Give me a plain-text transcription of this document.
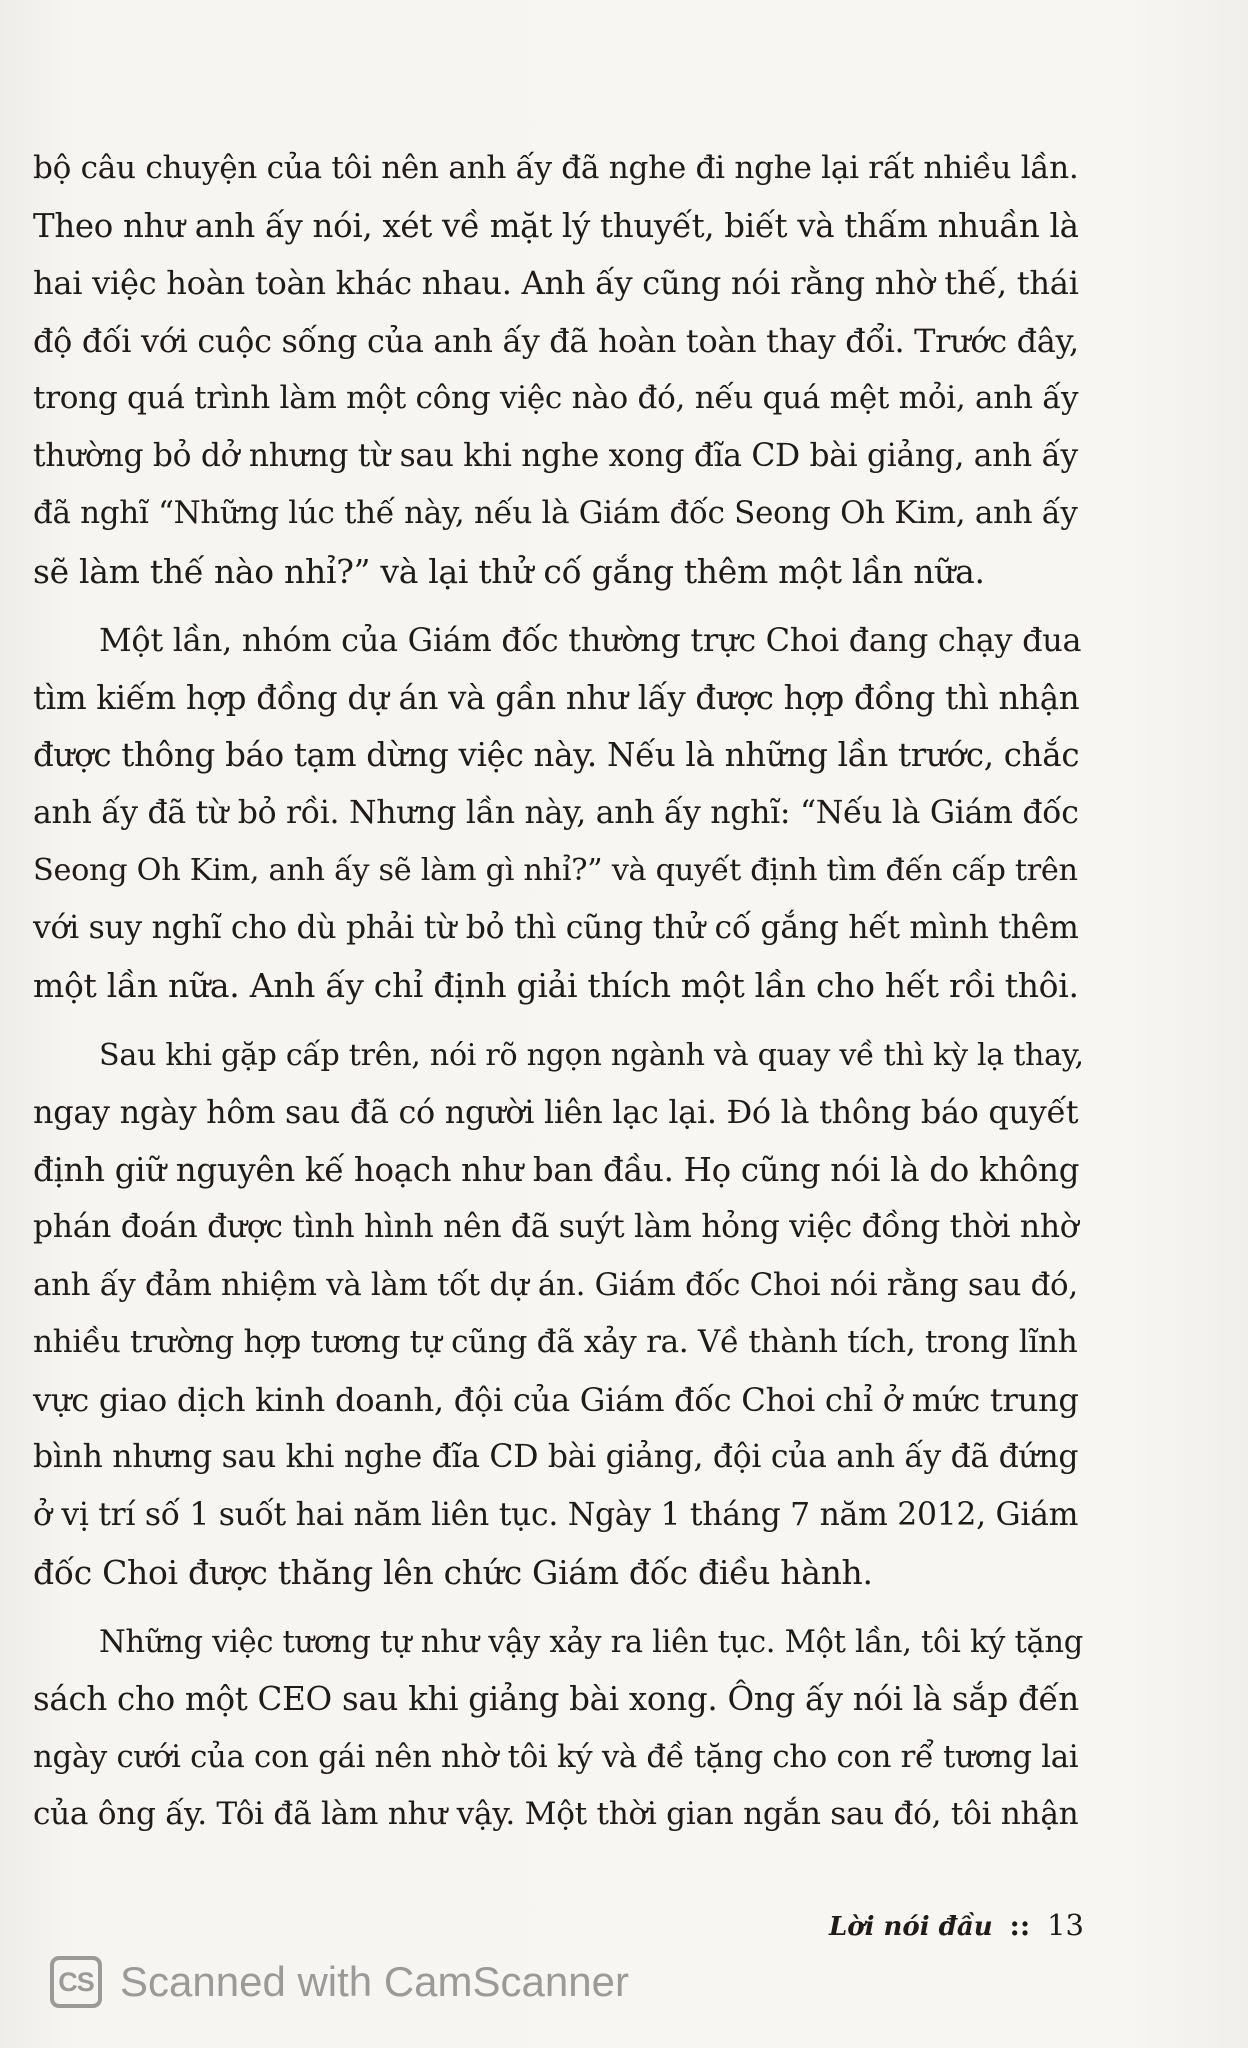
bộ câu chuyện của tôi nên anh ấy đã nghe đi nghe lại rất nhiều lần.
Theo như anh ấy nói, xét về mặt lý thuyết, biết và thấm nhuần là
hai việc hoàn toàn khác nhau. Anh ấy cũng nói rằng nhờ thế, thái
độ đối với cuộc sống của anh ấy đã hoàn toàn thay đổi. Trước đây,
trong quá trình làm một công việc nào đó, nếu quá mệt mỏi, anh ấy
thường bỏ dở nhưng từ sau khi nghe xong đĩa CD bài giảng, anh ấy
đã nghĩ “Những lúc thế này, nếu là Giám đốc Seong Oh Kim, anh ấy
sẽ làm thế nào nhỉ?” và lại thử cố gắng thêm một lần nữa.
Một lần, nhóm của Giám đốc thường trực Choi đang chạy đua
tìm kiếm hợp đồng dự án và gần như lấy được hợp đồng thì nhận
được thông báo tạm dừng việc này. Nếu là những lần trước, chắc
anh ấy đã từ bỏ rồi. Nhưng lần này, anh ấy nghĩ: “Nếu là Giám đốc
Seong Oh Kim, anh ấy sẽ làm gì nhỉ?” và quyết định tìm đến cấp trên
với suy nghĩ cho dù phải từ bỏ thì cũng thử cố gắng hết mình thêm
một lần nữa. Anh ấy chỉ định giải thích một lần cho hết rồi thôi.
Sau khi gặp cấp trên, nói rõ ngọn ngành và quay về thì kỳ lạ thay,
ngay ngày hôm sau đã có người liên lạc lại. Đó là thông báo quyết
định giữ nguyên kế hoạch như ban đầu. Họ cũng nói là do không
phán đoán được tình hình nên đã suýt làm hỏng việc đồng thời nhờ
anh ấy đảm nhiệm và làm tốt dự án. Giám đốc Choi nói rằng sau đó,
nhiều trường hợp tương tự cũng đã xảy ra. Về thành tích, trong lĩnh
vực giao dịch kinh doanh, đội của Giám đốc Choi chỉ ở mức trung
bình nhưng sau khi nghe đĩa CD bài giảng, đội của anh ấy đã đứng
ở vị trí số 1 suốt hai năm liên tục. Ngày 1 tháng 7 năm 2012, Giám
đốc Choi được thăng lên chức Giám đốc điều hành.
Những việc tương tự như vậy xảy ra liên tục. Một lần, tôi ký tặng
sách cho một CEO sau khi giảng bài xong. Ông ấy nói là sắp đến
ngày cưới của con gái nên nhờ tôi ký và đề tặng cho con rể tương lai
của ông ấy. Tôi đã làm như vậy. Một thời gian ngắn sau đó, tôi nhận
Lời nói đầu :: 13
CS Scanned with CamScanner
